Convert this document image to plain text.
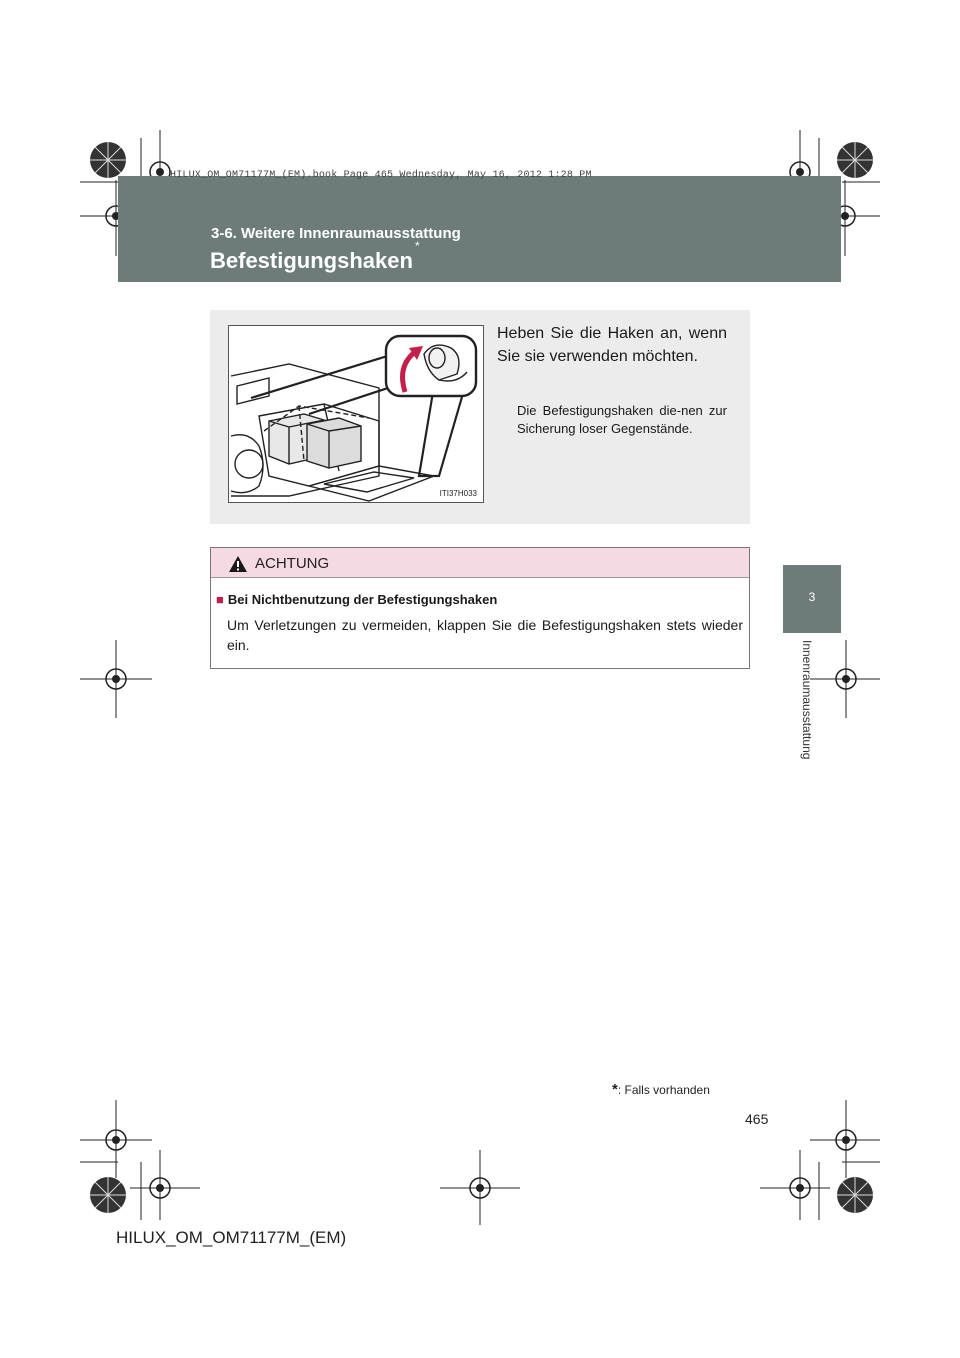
HILUX_OM_OM71177M_(EM).book Page 465 Wednesday, May 16, 2012 1:28 PM
3-6. Weitere Innenraumausstattung
Befestigungshaken*
3
Innenraumausstattung
ITI37H033
Heben Sie die Haken an, wenn Sie sie verwenden möchten.
Die Befestigungshaken die-nen zur Sicherung loser Gegenstände.
ACHTUNG
■ Bei Nichtbenutzung der Befestigungshaken
Um Verletzungen zu vermeiden, klappen Sie die Befestigungshaken stets wieder ein.
*: Falls vorhanden
465
HILUX_OM_OM71177M_(EM)
